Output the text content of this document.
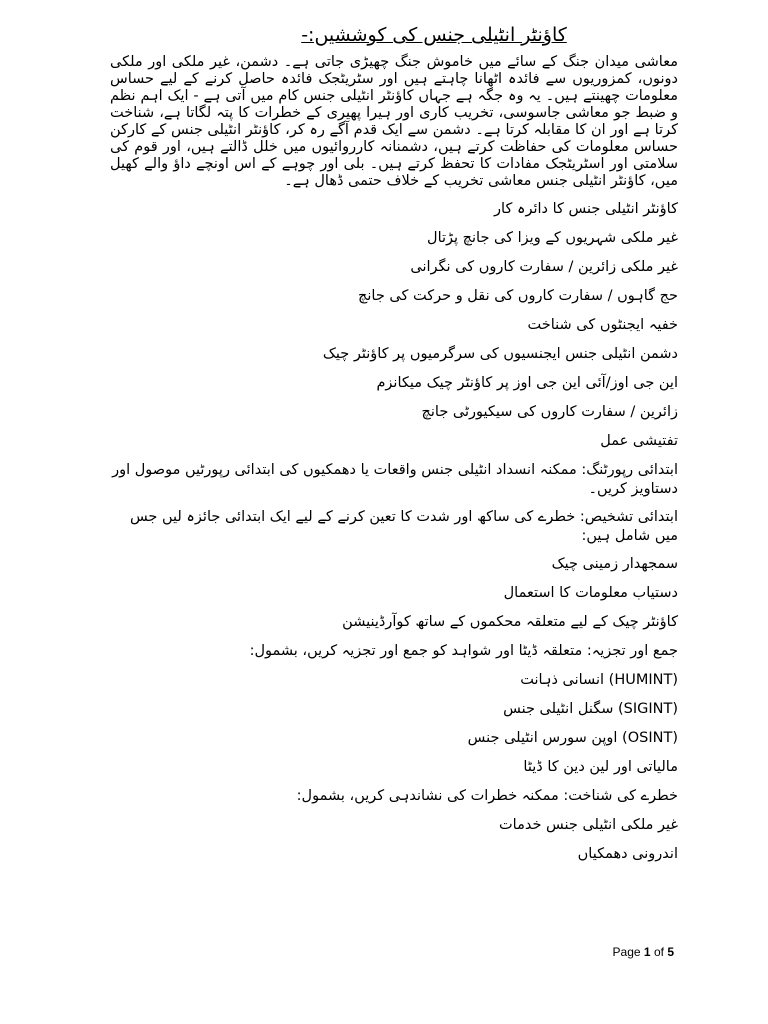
کاؤنٹر انٹیلی جنس کی کوششیں:-
معاشی میدان جنگ کے سائے میں خاموش جنگ چھیڑی جاتی ہے۔ دشمن، غیر ملکی اور ملکی دونوں، کمزوریوں سے فائدہ اٹھانا چاہتے ہیں اور سٹریٹجک فائدہ حاصل کرنے کے لیے حساس معلومات چھینتے ہیں۔ یہ وہ جگہ ہے جہاں کاؤنٹر انٹیلی جنس کام میں آتی ہے - ایک اہم نظم و ضبط جو معاشی جاسوسی، تخریب کاری اور ہیرا پھیری کے خطرات کا پتہ لگاتا ہے، شناخت کرتا ہے اور ان کا مقابلہ کرتا ہے۔ دشمن سے ایک قدم آگے رہ کر، کاؤنٹر انٹیلی جنس کے کارکن حساس معلومات کی حفاظت کرتے ہیں، دشمنانہ کارروائیوں میں خلل ڈالتے ہیں، اور قوم کی سلامتی اور اسٹریٹجک مفادات کا تحفظ کرتے ہیں۔ بلی اور چوہے کے اس اونچے داؤ والے کھیل میں، کاؤنٹر انٹیلی جنس معاشی تخریب کے خلاف حتمی ڈھال ہے۔
کاؤنٹر انٹیلی جنس کا دائرہ کار
غیر ملکی شہریوں کے ویزا کی جانچ پڑتال
غیر ملکی زائرین / سفارت کاروں کی نگرانی
حج گاہوں / سفارت کاروں کی نقل و حرکت کی جانچ
خفیہ ایجنٹوں کی شناخت
دشمن انٹیلی جنس ایجنسیوں کی سرگرمیوں پر کاؤنٹر چیک
این جی اوز/آئی این جی اوز پر کاؤنٹر چیک میکانزم
زائرین / سفارت کاروں کی سیکیورٹی جانچ
تفتیشی عمل
ابتدائی رپورٹنگ: ممکنہ انسداد انٹیلی جنس واقعات یا دھمکیوں کی ابتدائی رپورٹیں موصول اور دستاویز کریں۔
ابتدائی تشخیص: خطرے کی ساکھ اور شدت کا تعین کرنے کے لیے ایک ابتدائی جائزہ لیں جس میں شامل ہیں:
سمجھدار زمینی چیک
دستیاب معلومات کا استعمال
کاؤنٹر چیک کے لیے متعلقہ محکموں کے ساتھ کوآرڈینیشن
جمع اور تجزیہ: متعلقہ ڈیٹا اور شواہد کو جمع اور تجزیہ کریں، بشمول:
(HUMINT) انسانی ذہانت
(SIGINT) سگنل انٹیلی جنس
(OSINT) اوپن سورس انٹیلی جنس
مالیاتی اور لین دین کا ڈیٹا
خطرے کی شناخت: ممکنہ خطرات کی نشاندہی کریں، بشمول:
غیر ملکی انٹیلی جنس خدمات
اندرونی دھمکیاں
Page 1 of 5
